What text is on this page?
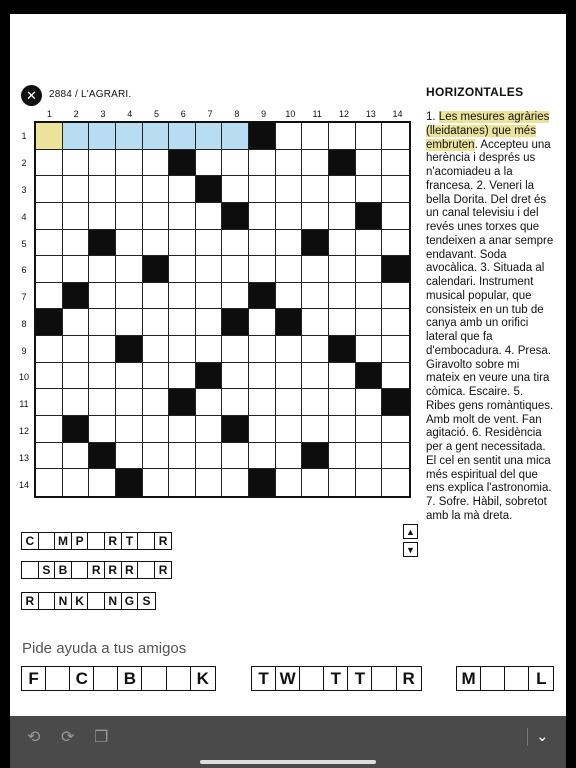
✕ 2884 / L'AGRARI.
1	2	3	4	5	6	7	8	9	10	11	12	13	14
1
2
3
4
5
6
7
8
9
10
11
12
13
14
HORIZONTALES
1. Les mesures agràries (lleidatanes) que més embruten. Accepteu una herència i després us n'acomiadeu a la francesa. 2. Veneri la bella Dorita. Del dret és un canal televisiu i del revés unes torxes que tendeixen a anar sempre endavant. Soda avocàlica. 3. Situada al calendari. Instrument musical popular, que consisteix en un tub de canya amb un orifici lateral que fa d'embocadura. 4. Presa. Giravolto sobre mi mateix en veure una tira còmica. Escaire. 5. Ribes gens romàntiques. Amb molt de vent. Fan agitació. 6. Residència per a gent necessitada. El cel en sentit una mica més espiritual del que ens explica l'astronomia. 7. Sofre. Hàbil, sobretot amb la mà dreta.
▲
▼
C	M P	R T	R
S B	R R R	R
R	N K	N G S
Pide ayuda a tus amigos
F	C	B	K	T W	T T	R	M	L
⟲ ⟳ ❐	⌄
